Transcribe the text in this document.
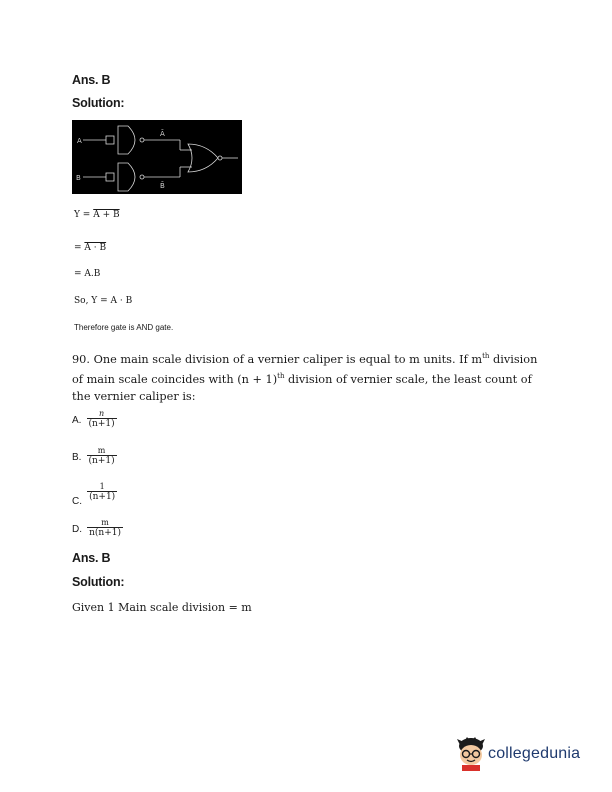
Ans. B
Solution:
A
B
Ā
B̄
Y = A + B
= A · B
= A.B
So, Y = A · B
Therefore gate is AND gate.
90. One main scale division of a vernier caliper is equal to m units. If $m^{th}$ division of main scale coincides with $(n + 1)^{th}$ division of vernier scale, the least count of the vernier caliper is:
A. $\frac{n}{(n+1)}$
B. $\frac{m}{(n+1)}$
$_{C.} \frac{1}{(n+1)}$
D. $\frac{m}{n(n+1)}$
Ans. B
Solution:
Given 1 Main scale division = m
collegedunia
